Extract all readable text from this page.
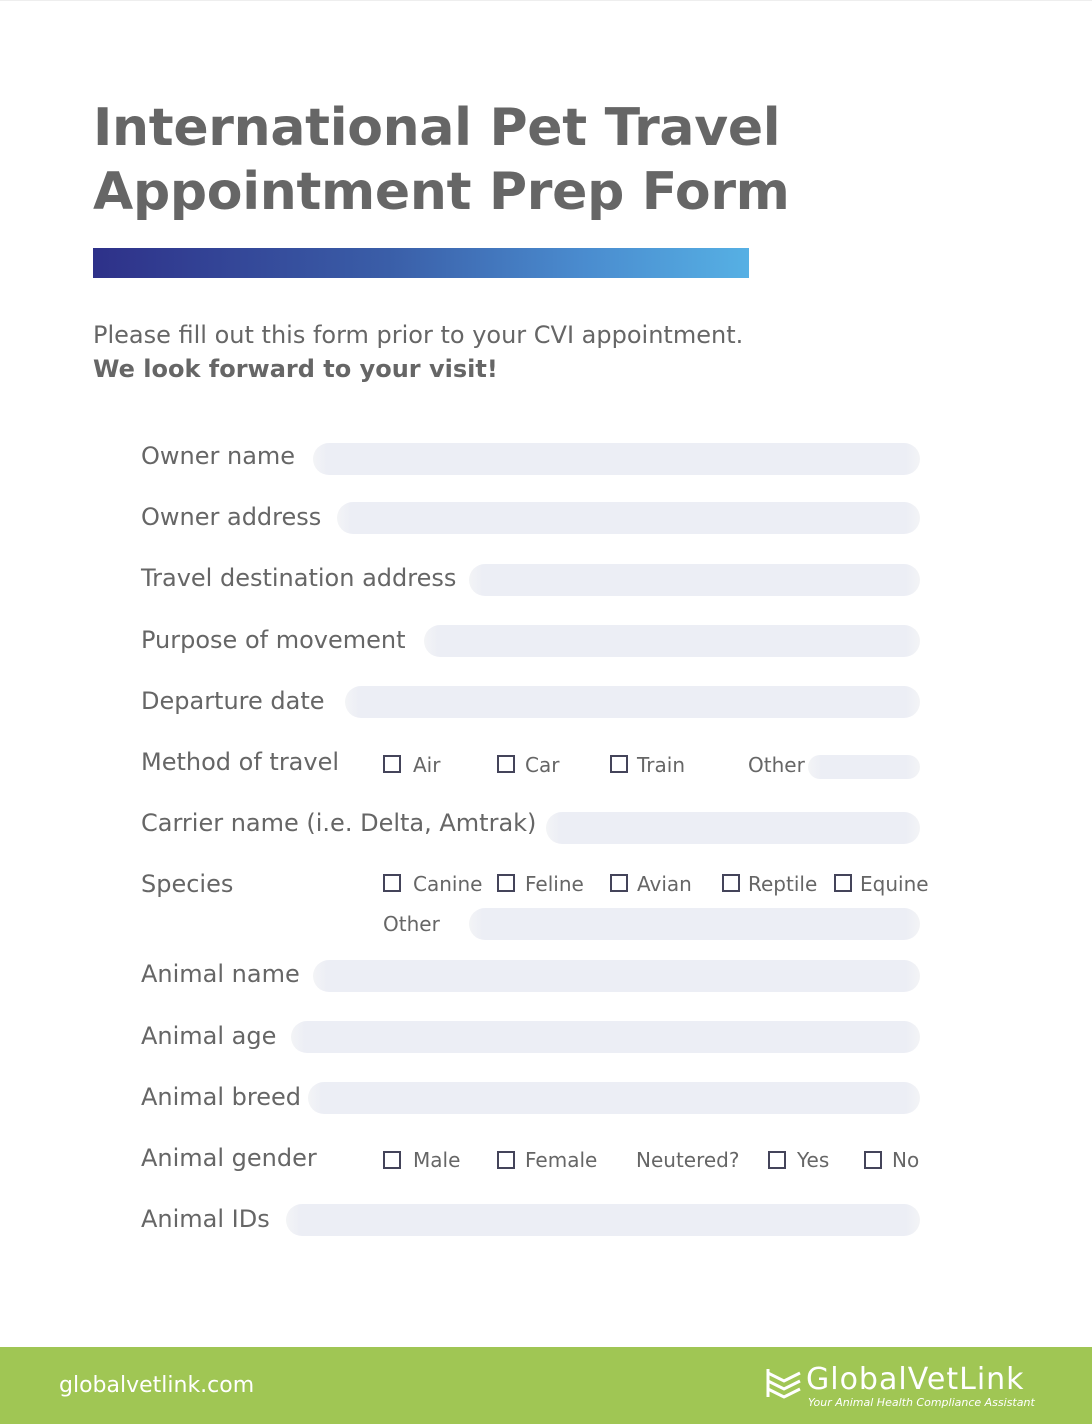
International Pet Travel
Appointment Prep Form
Please fill out this form prior to your CVI appointment.
We look forward to your visit!
Owner name
Owner address
Travel destination address
Purpose of movement
Departure date
Method of travel	Air	Car	Train	Other
Carrier name (i.e. Delta, Amtrak)
Species	Canine Feline	Avian	Reptile Equine
Other
Animal name
Animal age
Animal breed
Animal gender	Male	Female Neutered?	Yes	No
Animal IDs
globalvetlink.com	GlobalVetLink
Your Animal Health Compliance Assistant
